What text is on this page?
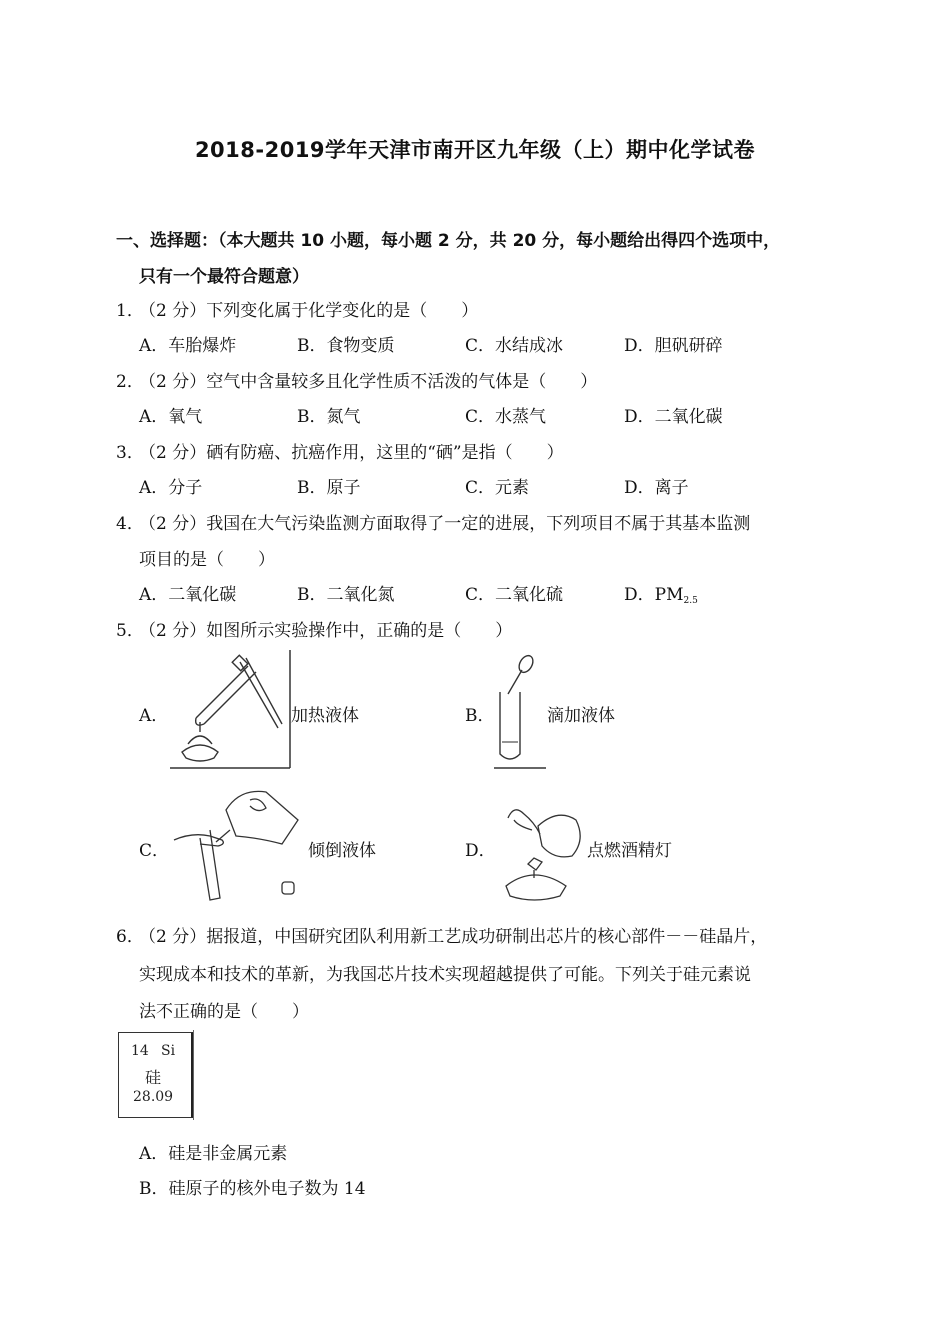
2018-2019学年天津市南开区九年级（上）期中化学试卷
一、选择题：（本大题共 10 小题，每小题 2 分，共 20 分，每小题给出得四个选项中，
只有一个最符合题意）
1．
（2 分）下列变化属于化学变化的是（　　）
A．车胎爆炸	B．食物变质	C．水结成冰	D．胆矾研碎
2．
（2 分）空气中含量较多且化学性质不活泼的气体是（　　）
A．氧气	B．氮气	C．水蒸气	D．二氧化碳
3．
（2 分）硒有防癌、抗癌作用，这里的“硒”是指（　　）
A．分子	B．原子	C．元素	D．离子
4．
（2 分）我国在大气污染监测方面取得了一定的进展，下列项目不属于其基本监测
项目的是（　　）
A．二氧化碳	B．二氧化氮	C．二氧化硫	D．$PM_{2.5}$
5．
（2 分）如图所示实验操作中，正确的是（　　）
A．	加热液体	B．	滴加液体
C．	倾倒液体	D．	点燃酒精灯
6．
（2 分）据报道，中国研究团队利用新工艺成功研制出芯片的核心部件－－硅晶片，
实现成本和技术的革新，为我国芯片技术实现超越提供了可能。下列关于硅元素说
法不正确的是（　　）
14 Si
硅
28.09
A．硅是非金属元素
B．硅原子的核外电子数为 14
